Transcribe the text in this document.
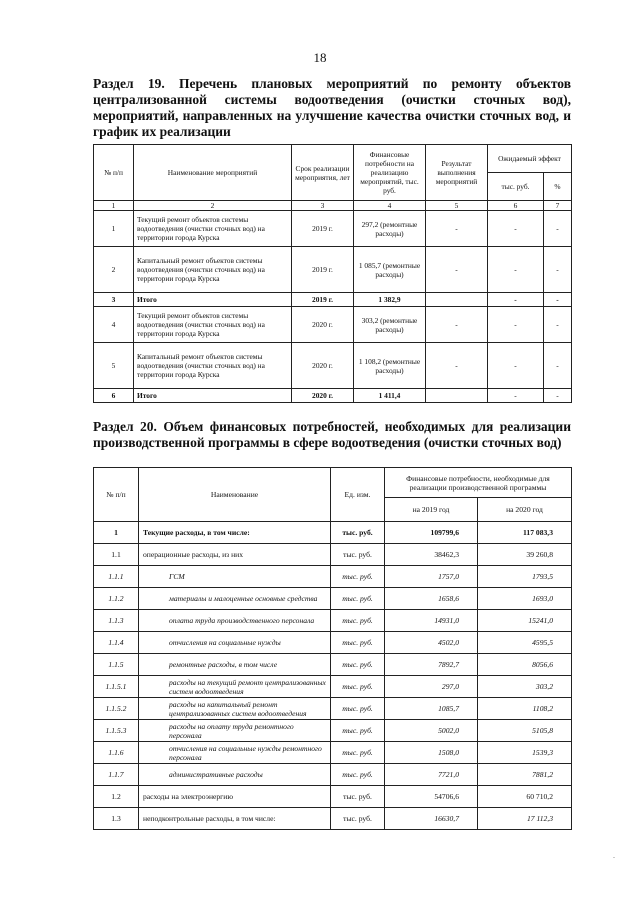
18

Раздел 19. Перечень плановых мероприятий по ремонту объектов централизованной системы водоотведения (очистки сточных вод), мероприятий, направленных на улучшение качества очистки сточных вод, и график их реализации

№ п/п	Наименование мероприятий	Срок реализации мероприятия, лет	Финансовые потребности на реализацию мероприятий, тыс. руб.	Результат выполнения мероприятий	Ожидаемый эффект	
					тыс. руб.	%
1	2	3	4	5	6	7
1	Текущий ремонт объектов системы водоотведения (очистки сточных вод) на территории города Курска	2019 г.	297,2 (ремонтные расходы)	-	-	-
2	Капитальный ремонт объектов системы водоотведения (очистки сточных вод) на территории города Курска	2019 г.	1 085,7 (ремонтные расходы)	-	-	-
3	Итого	2019 г.	1 382,9		-	-
4	Текущий ремонт объектов системы водоотведения (очистки сточных вод) на территории города Курска	2020 г.	303,2 (ремонтные расходы)	-	-	-
5	Капитальный ремонт объектов системы водоотведения (очистки сточных вод) на территории города Курска	2020 г.	1 108,2 (ремонтные расходы)	-	-	-
6	Итого	2020 г.	1 411,4		-	-

Раздел 20. Объем финансовых потребностей, необходимых для реализации производственной программы в сфере водоотведения (очистки сточных вод)

№ п/п	Наименование	Ед. изм.	Финансовые потребности, необходимые для реализации производственной программы	
			на 2019 год	на 2020 год
1	Текущие расходы, в том числе:	тыс. руб.	109799,6	117 083,3
1.1	операционные расходы, из них	тыс. руб.	38462,3	39 260,8
1.1.1	ГСМ	тыс. руб.	1757,0	1793,5
1.1.2	материалы и малоценные основные средства	тыс. руб.	1658,6	1693,0
1.1.3	оплата труда производственного персонала	тыс. руб.	14931,0	15241,0
1.1.4	отчисления на социальные нужды	тыс. руб.	4502,0	4595,5
1.1.5	ремонтные расходы, в том числе	тыс. руб.	7892,7	8056,6
1.1.5.1	расходы на текущий ремонт централизованных систем водоотведения	тыс. руб.	297,0	303,2
1.1.5.2	расходы на капитальный ремонт централизованных систем водоотведения	тыс. руб.	1085,7	1108,2
1.1.5.3	расходы на оплату труда ремонтного персонала	тыс. руб.	5002,0	5105,8
1.1.6	отчисления на социальные нужды ремонтного персонала	тыс. руб.	1508,0	1539,3
1.1.7	административные расходы	тыс. руб.	7721,0	7881,2
1.2	расходы на электроэнергию	тыс. руб.	54706,6	60 710,2
1.3	неподконтрольные расходы, в том числе:	тыс. руб.	16630,7	17 112,3
.
